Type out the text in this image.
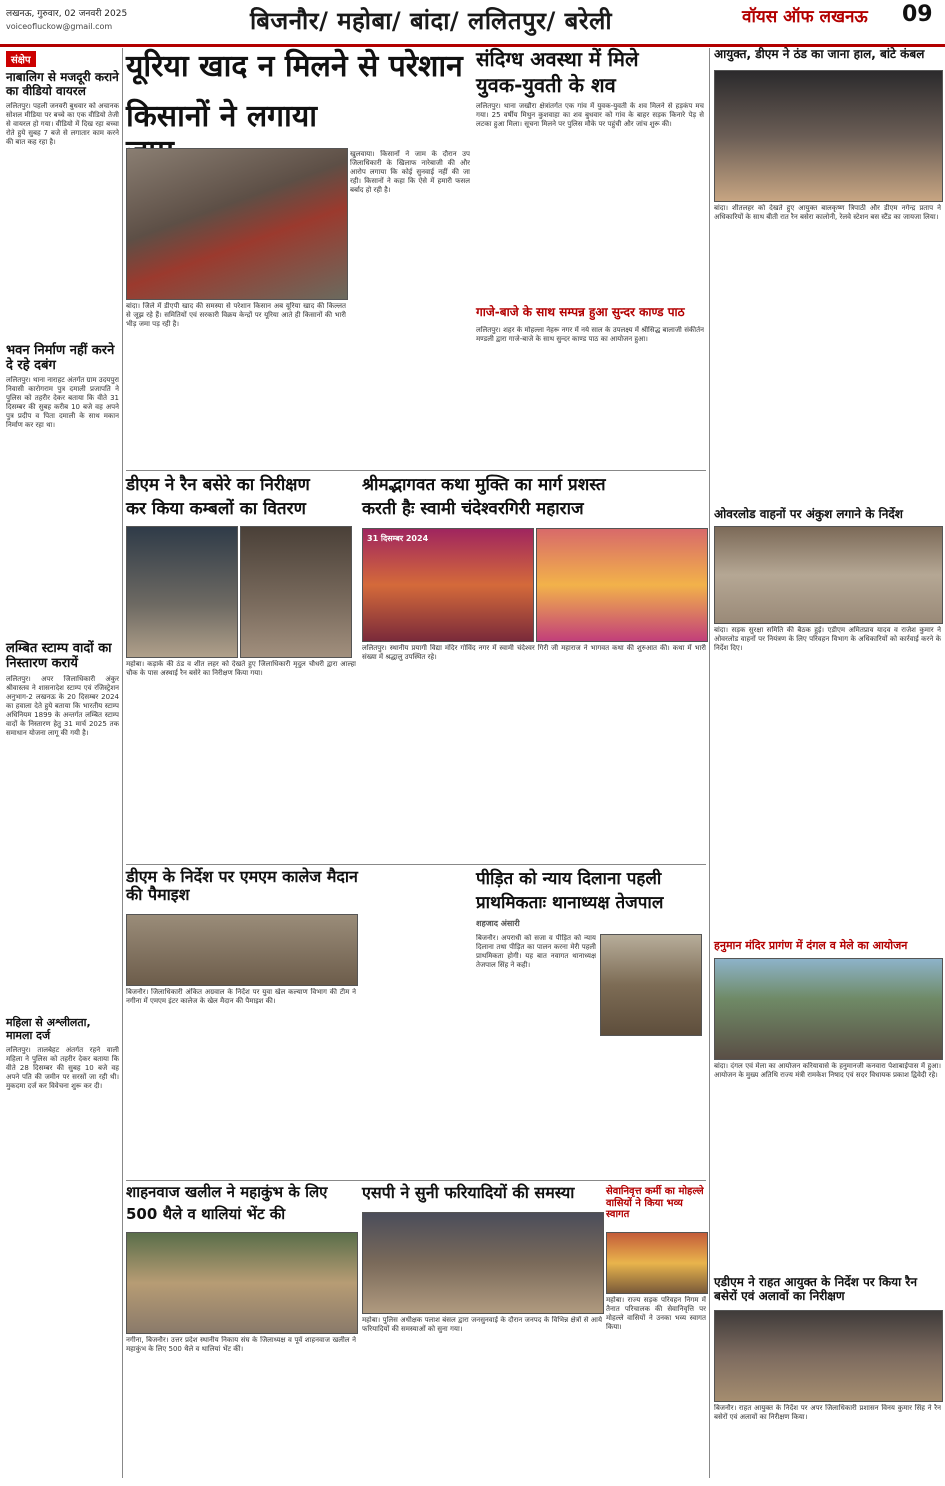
लखनऊ, गुरुवार, 02 जनवरी 2025
voiceofluckow@gmail.com	बिजनौर/ महोबा/ बांदा/ ललितपुर/ बरेली	वॉयस ऑफ लखनऊ 09
संक्षेप
नाबालिग से मजदूरी कराने का वीडियो वायरल
ललितपुर। पहली जनवरी बुधवार को अचानक सोशल मीडिया पर बच्चे का एक वीडियो तेजी से वायरल हो गया। वीडियो में दिख रहा बच्चा रोते हुये सुबह 7 बजे से लगातार काम करने की बात कह रहा है।
भवन निर्माण नहीं करने दे रहे दबंग
ललितपुर। थाना नाराहट अंतर्गत ग्राम उदयपुरा निवासी कारोगराम पुत्र दमाली प्रजापति ने पुलिस को तहरीर देकर बताया कि वीते 31 दिसम्बर की सुबह करीब 10 बजे वह अपने पुत्र प्रदीप व पिता दमाली के साथ मकान निर्माण कर रहा था।
लम्बित स्टाम्प वादों का निस्तारण करायें
ललितपुर। अपर जिलाधिकारी अंकुर श्रीवास्तव ने शासनादेश स्टाम्प एवं रजिस्ट्रेशन अनुभाग-2 लखनऊ के 20 दिसम्बर 2024 का हवाला देते हुये बताया कि भारतीय स्टाम्प अधिनियम 1899 के अन्तर्गत लम्बित स्टाम्प वादों के निस्तारण हेतु 31 मार्च 2025 तक समाधान योजना लागू की गयी है।
महिला से अश्लीलता, मामला दर्ज
ललितपुर। तालबेहट अंतर्गत रहने वाली महिला ने पुलिस को तहरीर देकर बताया कि वीते 28 दिसम्बर की सुबह 10 बजे वह अपने पति की जमीन पर सरसों जा रही थी। मुकदमा दर्ज कर विवेचना शुरू कर दी।
यूरिया खाद न मिलने से परेशान
किसानों ने लगाया
बांदा। जिले में डीएपी खाद की समस्या से परेशान किसान अब यूरिया खाद की किल्लत से जूझ रहे हैं। समितियों एवं सरकारी विक्रय केन्द्रों पर यूरिया आते ही किसानों की भारी भीड़ जमा पड़ रही है।
खुलवाया। किसानों ने जाम के दौरान उप जिलाधिकारी के खिलाफ नारेबाजी की और आरोप लगाया कि कोई सुनवाई नहीं की जा रही। किसानों ने कहा कि ऐसे में हमारी फसल बर्बाद हो रही है।
संदिग्ध अवस्था में मिले
युवक-युवती के शव
ललितपुर। थाना जखौरा क्षेत्रांतर्गत एक गांव में युवक-युवती के शव मिलने से हड़कंप मच गया। 25 वर्षीय मिथुन कुशवाहा का शव बुधवार को गांव के बाहर सड़क किनारे पेड़ से लटका हुआ मिला। सूचना मिलने पर पुलिस मौके पर पहुंची और जांच शुरू की।
गाजे-बाजे के साथ सम्पन्न हुआ सुन्दर काण्ड पाठ
ललितपुर। शहर के मोहल्ला नेहरू नगर में नये साल के उपलक्ष्य में श्रीसिद्ध बालाजी संकीर्तन मण्डली द्वारा गाजे-बाजे के साथ सुन्दर काण्ड पाठ का आयोजन हुआ।
आयुक्त, डीएम ने ठंड का जाना हाल, बांटे कंबल
बांदा। शीतलहर को देखते हुए आयुक्त बालकृष्ण त्रिपाठी और डीएम नगेन्द्र प्रताप ने अधिकारियों के साथ बीती रात रैन बसेरा कालोनी, रेलवे स्टेशन बस स्टैंड का जायजा लिया।
ओवरलोड वाहनों पर अंकुश लगाने के निर्देश
बांदा। सड़क सुरक्षा समिति की बैठक हुई। एडीएम अमितप्राव यादव व राजेश कुमार ने ओवरलोड वाहनों पर नियंत्रण के लिए परिवहन विभाग के अधिकारियों को कार्रवाई करने के निर्देश दिए।
हनुमान मंदिर प्रागंण में दंगल व मेले का आयोजन
बांदा। दंगल एवं मेला का आयोजन करियावासे के हनुमानजी कनवारा पेशाबाईपास में हुआ। आयोजन के मुख्य अतिथि राज्य मंत्री रामकेश निषाद एवं सदर विधायक प्रकाश द्विवेदी रहे।
एडीएम ने राहत आयुक्त के निर्देश पर किया रैन बसेरों एवं अलावों का निरीक्षण
बिजनौर। राहत आयुक्त के निर्देश पर अपर जिलाधिकारी प्रशासन विनय कुमार सिंह ने रैन बसेरों एवं अलावों का निरीक्षण किया।
डीएम ने रैन बसेरे का निरीक्षण
कर किया कम्बलों का वितरण
महोबा। कड़ाके की ठंड व शीत लहर को देखते हुए जिलाधिकारी मृदुल चौधरी द्वारा आल्हा चौक के पास अस्थाई रैन बसेरे का निरीक्षण किया गया।
श्रीमद्भागवत कथा मुक्ति का मार्ग प्रशस्त
करती हैः स्वामी चंदेश्वरगिरी महाराज
31 दिसम्बर 2024
ललितपुर। स्थानीय प्रयागी विद्या मंदिर गोविंद नगर में स्वामी चंदेश्वर गिरी जी महाराज ने भागवत कथा की शुरुआत की। कथा में भारी संख्या में श्रद्धालु उपस्थित रहे।
डीएम के निर्देश पर एमएम कालेज मैदान की पैमाइश
बिजनौर। जिलाधिकारी अंकित अग्रवाल के निर्देश पर युवा खेल कल्याण विभाग की टीम ने नगीना में एमएम इंटर कालेज के खेल मैदान की पैमाइश की।
पीड़ित को न्याय दिलाना पहली
प्राथमिकताः थानाध्यक्ष तेजपाल
शहजाद अंसारी
बिजनौर। अपराधी को सजा व पीड़ित को न्याय दिलाना तथा पीड़ित का पालन करना मेरी पहली प्राथमिकता होगी। यह बात नवागत थानाध्यक्ष तेजपाल सिंह ने कही।
शाहनवाज खलील ने महाकुंभ के लिए
500 थैले व थालियां भेंट की
नगीना, बिजनौर। उत्तर प्रदेश स्थानीय निकाय संघ के जिलाध्यक्ष व पूर्व शाहनवाज खलील ने महाकुंभ के लिए 500 थैले व थालियां भेंट कीं।
एसपी ने सुनी फरियादियों की समस्या
महोबा। पुलिस अधीक्षक पलाश बंसल द्वारा जनसुनवाई के दौरान जनपद के विभिन्न क्षेत्रों से आये फरियादियों की समस्याओं को सुना गया।
सेवानिवृत्त कर्मी का मोहल्ले वासियों ने किया भव्य स्वागत
महोबा। राज्य सड़क परिवहन निगम में तैनात परिचालक की सेवानिवृत्ति पर मोहल्ले वासियों ने उनका भव्य स्वागत किया।
